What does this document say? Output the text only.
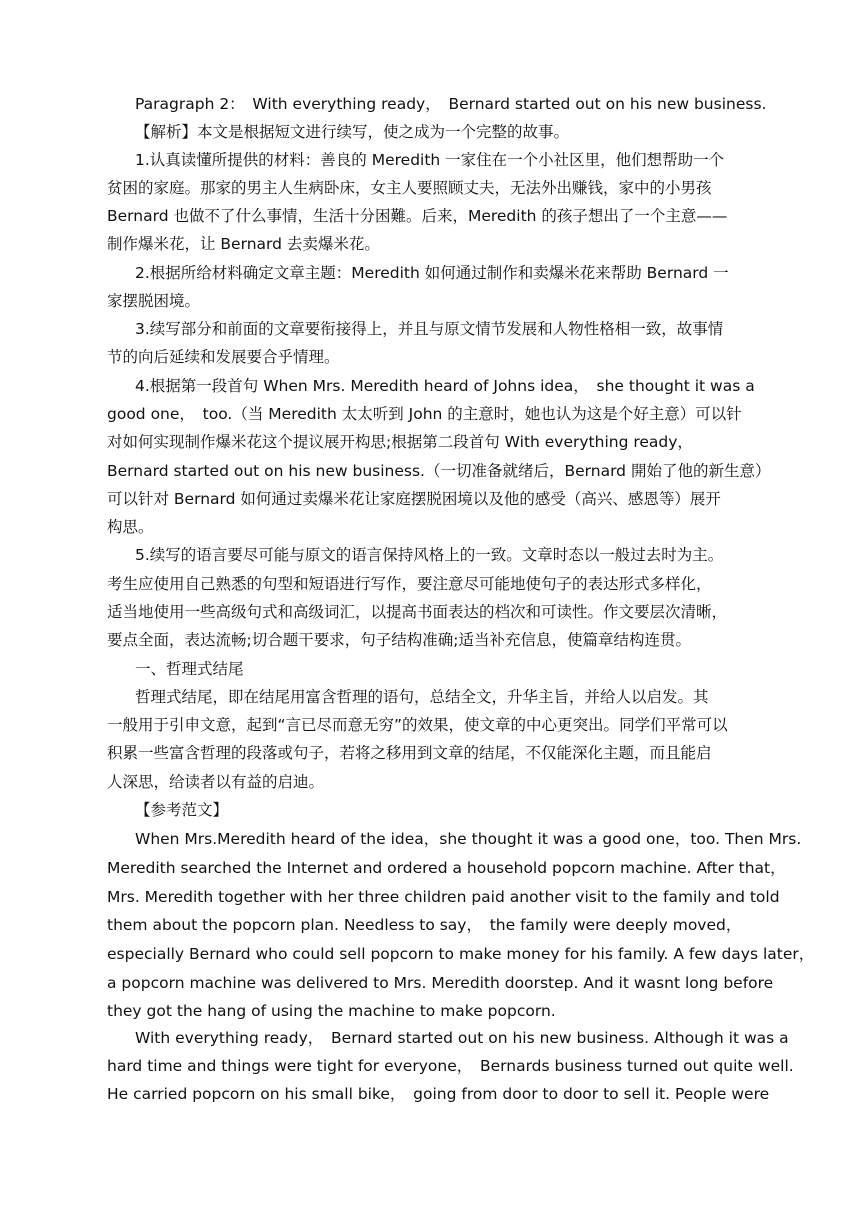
Paragraph 2：　With everything ready，　Bernard started out on his new business.
【解析】本文是根据短文进行续写，使之成为一个完整的故事。
1.认真读懂所提供的材料：善良的 Meredith 一家住在一个小社区里，他们想帮助一个
贫困的家庭。那家的男主人生病卧床，女主人要照顾丈夫，无法外出赚钱，家中的小男孩
Bernard 也做不了什么事情，生活十分困難。后来，Meredith 的孩子想出了一个主意——
制作爆米花，让 Bernard 去卖爆米花。
2.根据所给材料确定文章主题：Meredith 如何通过制作和卖爆米花来帮助 Bernard 一
家摆脱困境。
3.续写部分和前面的文章要衔接得上，并且与原文情节发展和人物性格相一致，故事情
节的向后延续和发展要合乎情理。
4.根据第一段首句 When Mrs. Meredith heard of Johns idea，　she thought it was a
good one，　too.（当 Meredith 太太听到 John 的主意时，她也认为这是个好主意）可以针
对如何实现制作爆米花这个提议展开构思;根据第二段首句 With everything ready，
Bernard started out on his new business.（一切准备就绪后，Bernard 開始了他的新生意）
可以针对 Bernard 如何通过卖爆米花让家庭摆脱困境以及他的感受（高兴、感恩等）展开
构思。
5.续写的语言要尽可能与原文的语言保持风格上的一致。文章时态以一般过去时为主。
考生应使用自己熟悉的句型和短语进行写作，要注意尽可能地使句子的表达形式多样化，
适当地使用一些高级句式和高级词汇，以提高书面表达的档次和可读性。作文要层次清晰，
要点全面，表达流畅;切合题干要求，句子结构准确;适当补充信息，使篇章结构连贯。
一、哲理式结尾
哲理式结尾，即在结尾用富含哲理的语句，总结全文，升华主旨，并给人以启发。其
一般用于引申文意，起到“言已尽而意无穷”的效果，使文章的中心更突出。同学们平常可以
积累一些富含哲理的段落或句子，若将之移用到文章的结尾，不仅能深化主题，而且能启
人深思，给读者以有益的启迪。
【参考范文】
When Mrs.Meredith heard of the idea，she thought it was a good one，too. Then Mrs.
Meredith searched the Internet and ordered a household popcorn machine. After that，
Mrs. Meredith together with her three children paid another visit to the family and told
them about the popcorn plan. Needless to say，　the family were deeply moved，
especially Bernard who could sell popcorn to make money for his family. A few days later，
a popcorn machine was delivered to Mrs. Meredith doorstep. And it wasnt long before
they got the hang of using the machine to make popcorn.
With everything ready，　Bernard started out on his new business. Although it was a
hard time and things were tight for everyone，　Bernards business turned out quite well.
He carried popcorn on his small bike，　going from door to door to sell it. People were
